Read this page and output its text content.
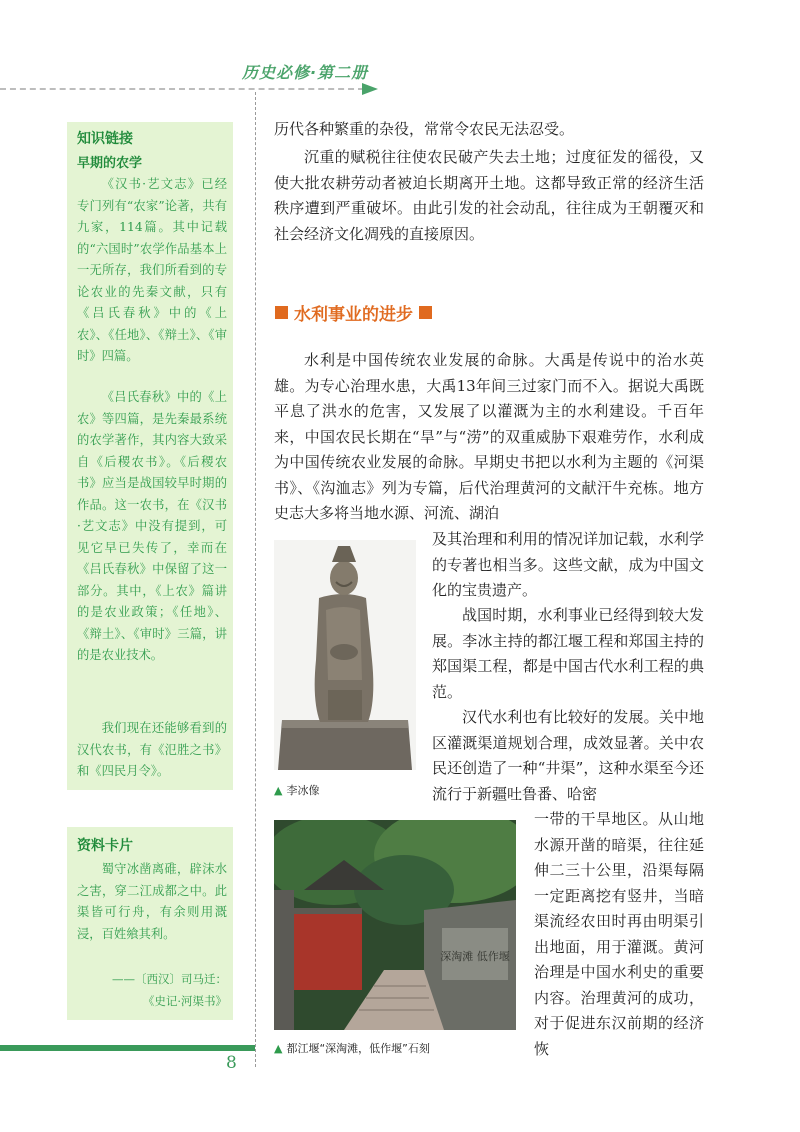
历史必修·第二册
知识链接
早期的农学
《汉书·艺文志》已经专门列有“农家”论著，共有九家，114篇。其中记载的“六国时”农学作品基本上一无所存，我们所看到的专论农业的先秦文献，只有《吕氏春秋》中的《上农》、《任地》、《辩土》、《审时》四篇。
《吕氏春秋》中的《上农》等四篇，是先秦最系统的农学著作，其内容大致采自《后稷农书》。《后稷农书》应当是战国较早时期的作品。这一农书，在《汉书·艺文志》中没有提到，可见它早已失传了，幸而在《吕氏春秋》中保留了这一部分。其中，《上农》篇讲的是农业政策；《任地》、《辩土》、《审时》三篇，讲的是农业技术。
我们现在还能够看到的汉代农书，有《氾胜之书》和《四民月令》。
资料卡片
蜀守冰凿离碓，辟沫水之害，穿二江成都之中。此渠皆可行舟，有余则用溉浸，百姓飨其利。
——〔西汉〕司马迁：
《史记·河渠书》
历代各种繁重的杂役，常常令农民无法忍受。
沉重的赋税往往使农民破产失去土地；过度征发的徭役，又使大批农耕劳动者被迫长期离开土地。这都导致正常的经济生活秩序遭到严重破坏。由此引发的社会动乱，往往成为王朝覆灭和社会经济文化凋残的直接原因。
水利事业的进步
水利是中国传统农业发展的命脉。大禹是传说中的治水英雄。为专心治理水患，大禹13年间三过家门而不入。据说大禹既平息了洪水的危害，又发展了以灌溉为主的水利建设。千百年来，中国农民长期在“旱”与“涝”的双重威胁下艰难劳作，水利成为中国传统农业发展的命脉。早期史书把以水利为主题的《河渠书》、《沟洫志》列为专篇，后代治理黄河的文献汗牛充栋。地方史志大多将当地水源、河流、湖泊
及其治理和利用的情况详加记载，水利学的专著也相当多。这些文献，成为中国文化的宝贵遗产。
战国时期，水利事业已经得到较大发展。李冰主持的都江堰工程和郑国主持的郑国渠工程，都是中国古代水利工程的典范。
汉代水利也有比较好的发展。关中地区灌溉渠道规划合理，成效显著。关中农民还创造了一种“井渠”，这种水渠至今还流行于新疆吐鲁番、哈密
一带的干旱地区。从山地水源开凿的暗渠，往往延伸二三十公里，沿渠每隔一定距离挖有竖井，当暗渠流经农田时再由明渠引出地面，用于灌溉。黄河治理是中国水利史的重要内容。治理黄河的成功，对于促进东汉前期的经济恢
▲ 李冰像
深淘滩 低作堰
▲ 都江堰“深淘滩，低作堰”石刻
8
